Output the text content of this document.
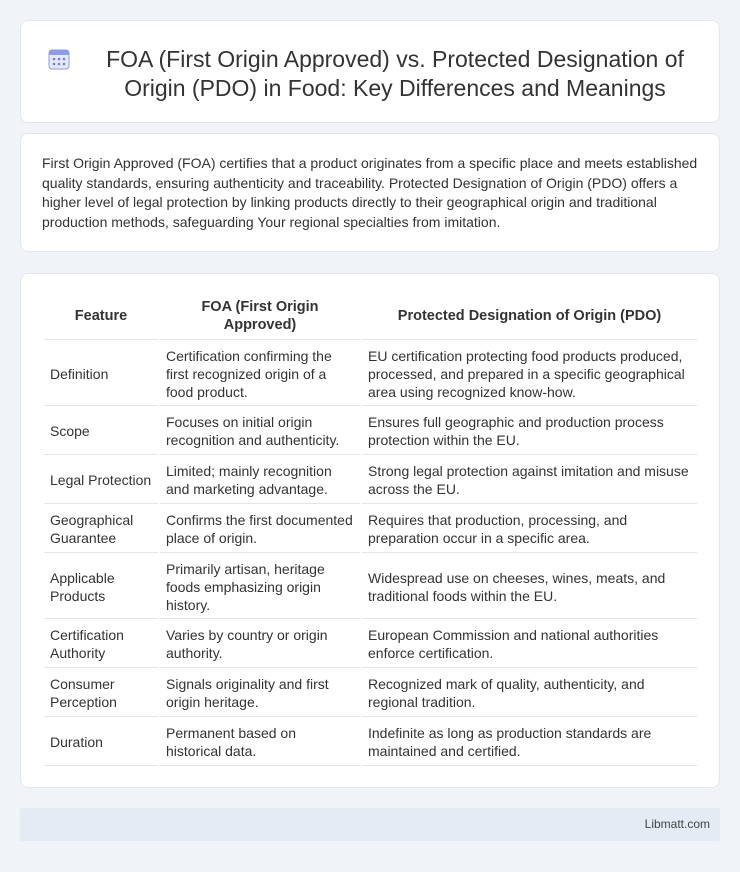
FOA (First Origin Approved) vs. Protected Designation of Origin (PDO) in Food: Key Differences and Meanings

First Origin Approved (FOA) certifies that a product originates from a specific place and meets established quality standards, ensuring authenticity and traceability. Protected Designation of Origin (PDO) offers a higher level of legal protection by linking products directly to their geographical origin and traditional production methods, safeguarding Your regional specialties from imitation.

Feature	FOA (First Origin Approved)	Protected Designation of Origin (PDO)
Definition	Certification confirming the first recognized origin of a food product.	EU certification protecting food products produced, processed, and prepared in a specific geographical area using recognized know-how.
Scope	Focuses on initial origin recognition and authenticity.	Ensures full geographic and production process protection within the EU.
Legal Protection	Limited; mainly recognition and marketing advantage.	Strong legal protection against imitation and misuse across the EU.
Geographical Guarantee	Confirms the first documented place of origin.	Requires that production, processing, and preparation occur in a specific area.
Applicable Products	Primarily artisan, heritage foods emphasizing origin history.	Widespread use on cheeses, wines, meats, and traditional foods within the EU.
Certification Authority	Varies by country or origin authority.	European Commission and national authorities enforce certification.
Consumer Perception	Signals originality and first origin heritage.	Recognized mark of quality, authenticity, and regional tradition.
Duration	Permanent based on historical data.	Indefinite as long as production standards are maintained and certified.
Libmatt.com
